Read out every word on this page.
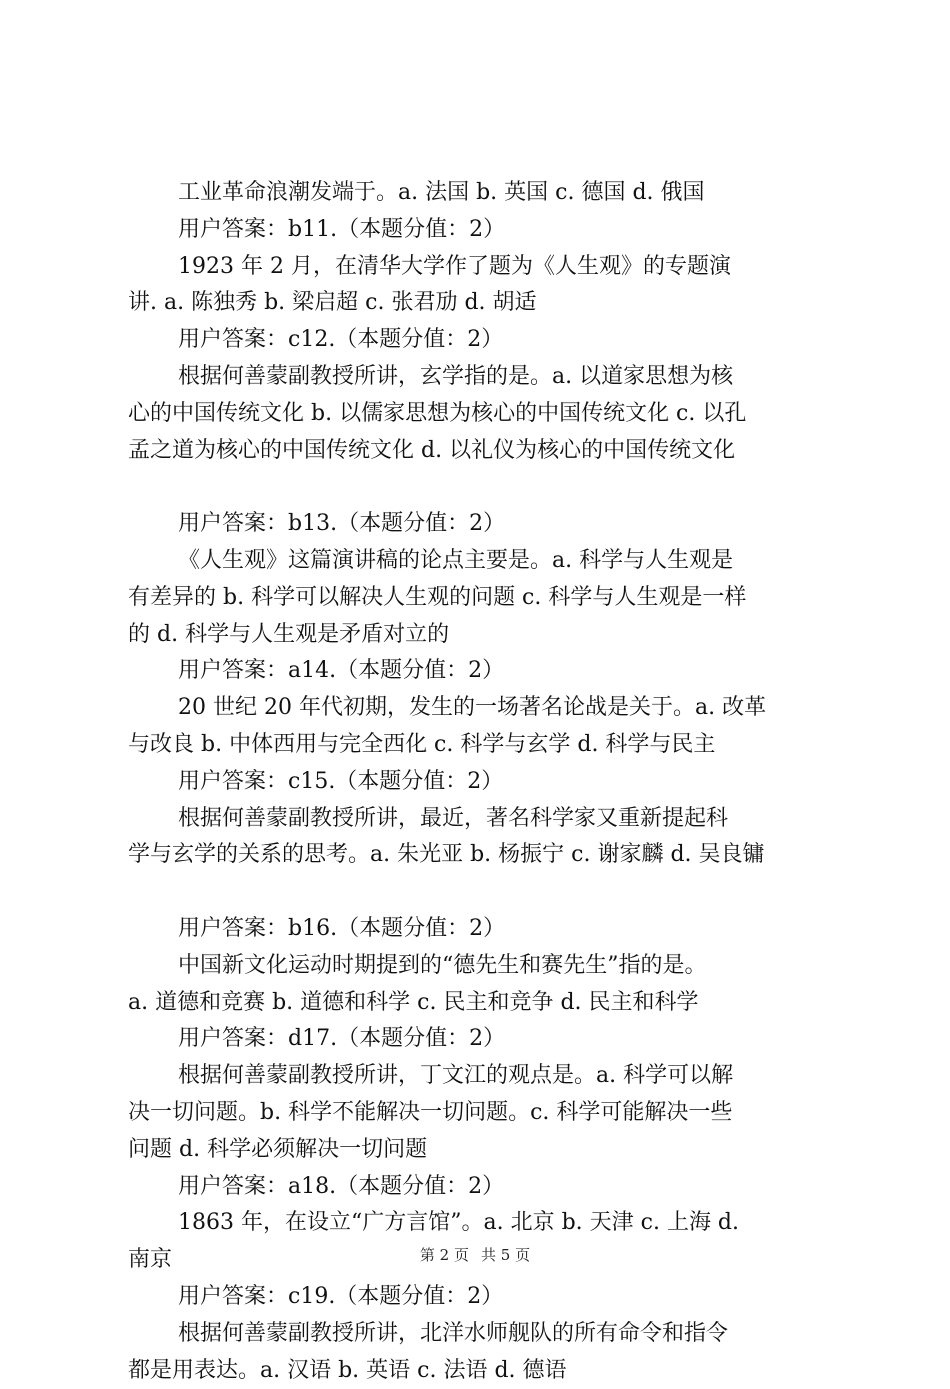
工业革命浪潮发端于。a. 法国 b. 英国 c. 德国 d. 俄国
用户答案：b11.（本题分值：2）
1923 年 2 月，在清华大学作了题为《人生观》的专题演
讲. a. 陈独秀 b. 梁启超 c. 张君劢 d. 胡适
用户答案：c12.（本题分值：2）
根据何善蒙副教授所讲，玄学指的是。a. 以道家思想为核
心的中国传统文化 b. 以儒家思想为核心的中国传统文化 c. 以孔
孟之道为核心的中国传统文化 d. 以礼仪为核心的中国传统文化
用户答案：b13.（本题分值：2）
《人生观》这篇演讲稿的论点主要是。a. 科学与人生观是
有差异的 b. 科学可以解决人生观的问题 c. 科学与人生观是一样
的 d. 科学与人生观是矛盾对立的
用户答案：a14.（本题分值：2）
20 世纪 20 年代初期，发生的一场著名论战是关于。a. 改革
与改良 b. 中体西用与完全西化 c. 科学与玄学 d. 科学与民主
用户答案：c15.（本题分值：2）
根据何善蒙副教授所讲，最近，著名科学家又重新提起科
学与玄学的关系的思考。a. 朱光亚 b. 杨振宁 c. 谢家麟 d. 吴良镛
用户答案：b16.（本题分值：2）
中国新文化运动时期提到的“德先生和赛先生”指的是。
a. 道德和竞赛 b. 道德和科学 c. 民主和竞争 d. 民主和科学
用户答案：d17.（本题分值：2）
根据何善蒙副教授所讲，丁文江的观点是。a. 科学可以解
决一切问题。b. 科学不能解决一切问题。c. 科学可能解决一些
问题 d. 科学必须解决一切问题
用户答案：a18.（本题分值：2）
1863 年，在设立“广方言馆”。a. 北京 b. 天津 c. 上海 d.
南京
用户答案：c19.（本题分值：2）
根据何善蒙副教授所讲，北洋水师舰队的所有命令和指令
都是用表达。a. 汉语 b. 英语 c. 法语 d. 德语
第 2 页 共 5 页
